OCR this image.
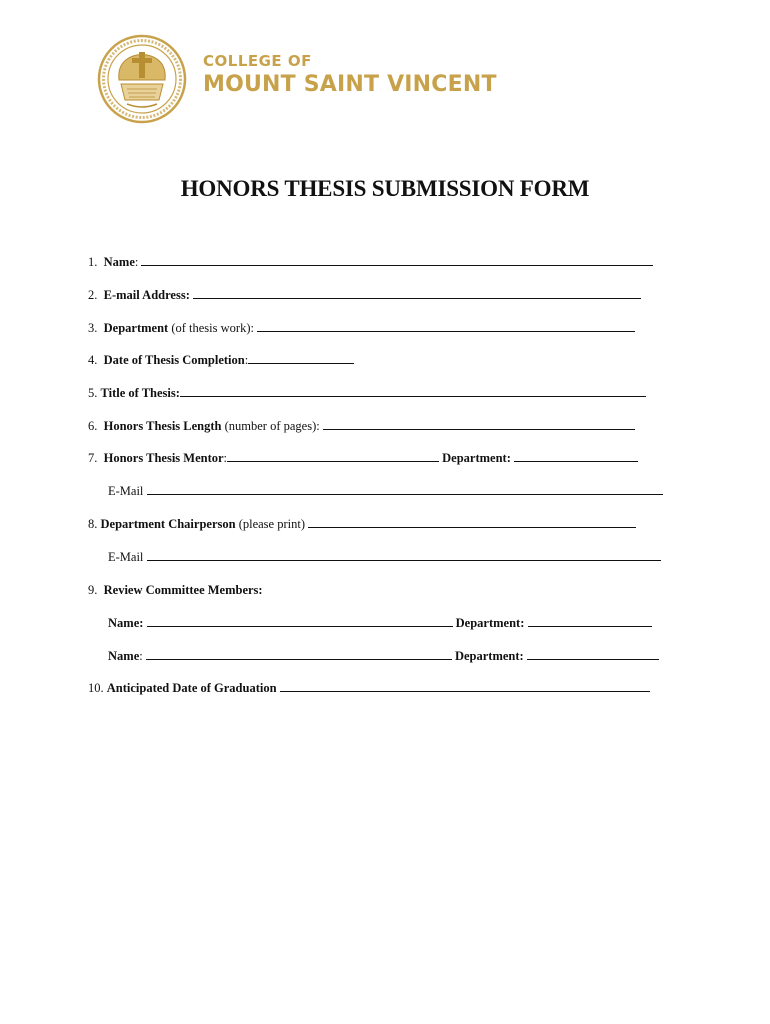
COLLEGE OF
MOUNT SAINT VINCENT
HONORS THESIS SUBMISSION FORM
1. Name:
2. E-mail Address:
3. Department (of thesis work):
4. Date of Thesis Completion:
5. Title of Thesis:
6. Honors Thesis Length (number of pages):
7. Honors Thesis Mentor:	Department:
E-Mail
8. Department Chairperson (please print)
E-Mail
9. Review Committee Members:
Name:	Department:
Name:	Department:
10. Anticipated Date of Graduation
